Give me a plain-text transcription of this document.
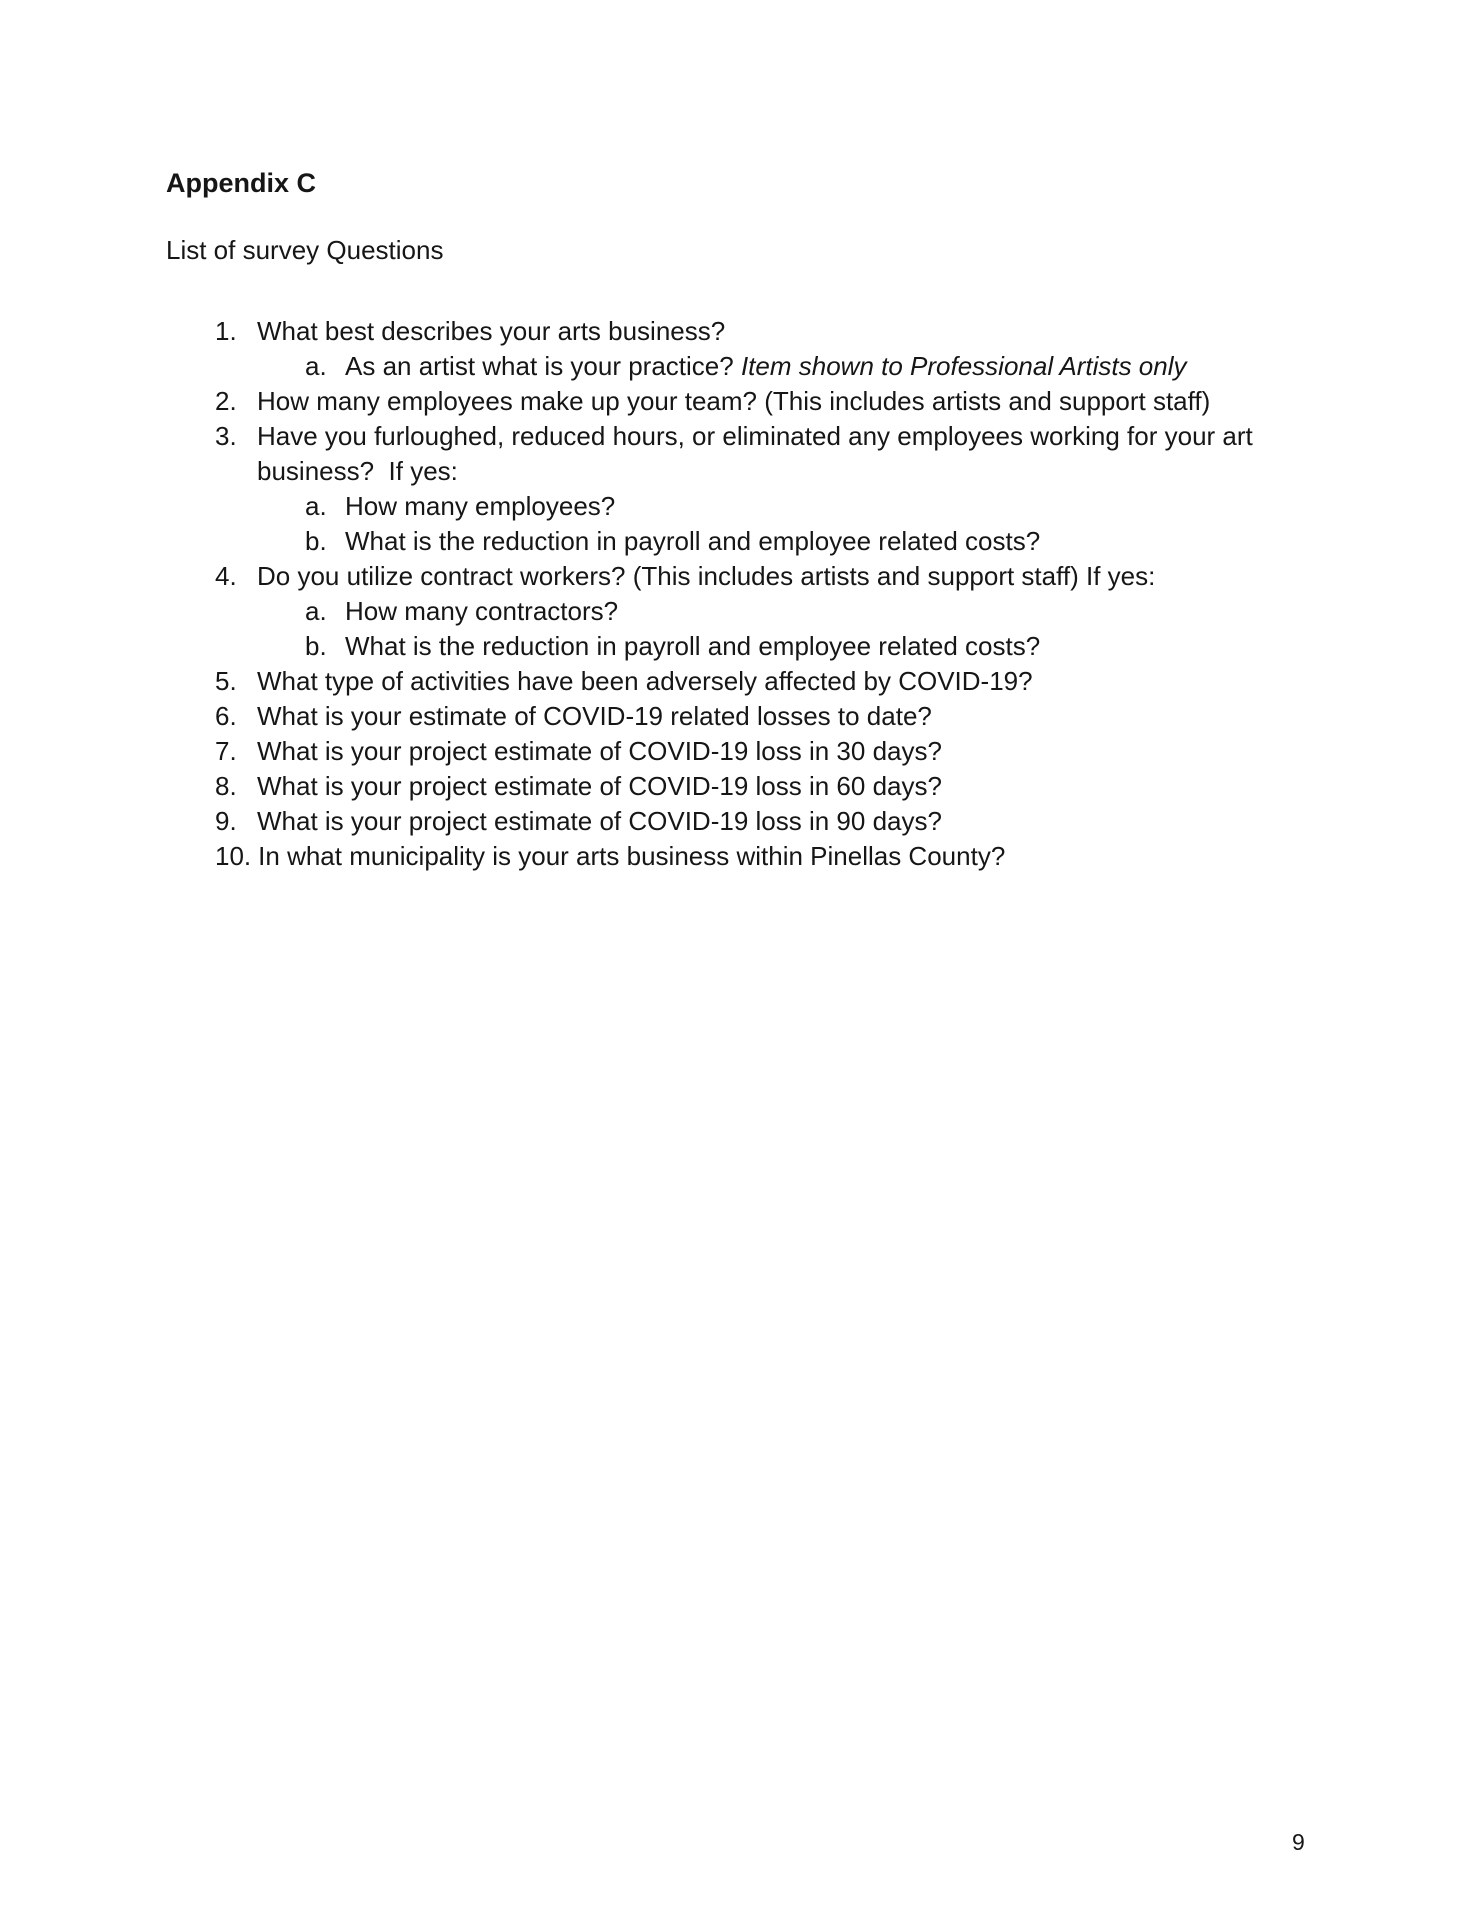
Appendix C

List of survey Questions

1. What best describes your arts business?
a. As an artist what is your practice? Item shown to Professional Artists only
2. How many employees make up your team? (This includes artists and support staff)
3. Have you furloughed, reduced hours, or eliminated any employees working for your art business?  If yes:
a. How many employees?
b. What is the reduction in payroll and employee related costs?
4. Do you utilize contract workers? (This includes artists and support staff) If yes:
a. How many contractors?
b. What is the reduction in payroll and employee related costs?
5. What type of activities have been adversely affected by COVID-19?
6. What is your estimate of COVID-19 related losses to date?
7. What is your project estimate of COVID-19 loss in 30 days?
8. What is your project estimate of COVID-19 loss in 60 days?
9. What is your project estimate of COVID-19 loss in 90 days?
10. In what municipality is your arts business within Pinellas County?
9
